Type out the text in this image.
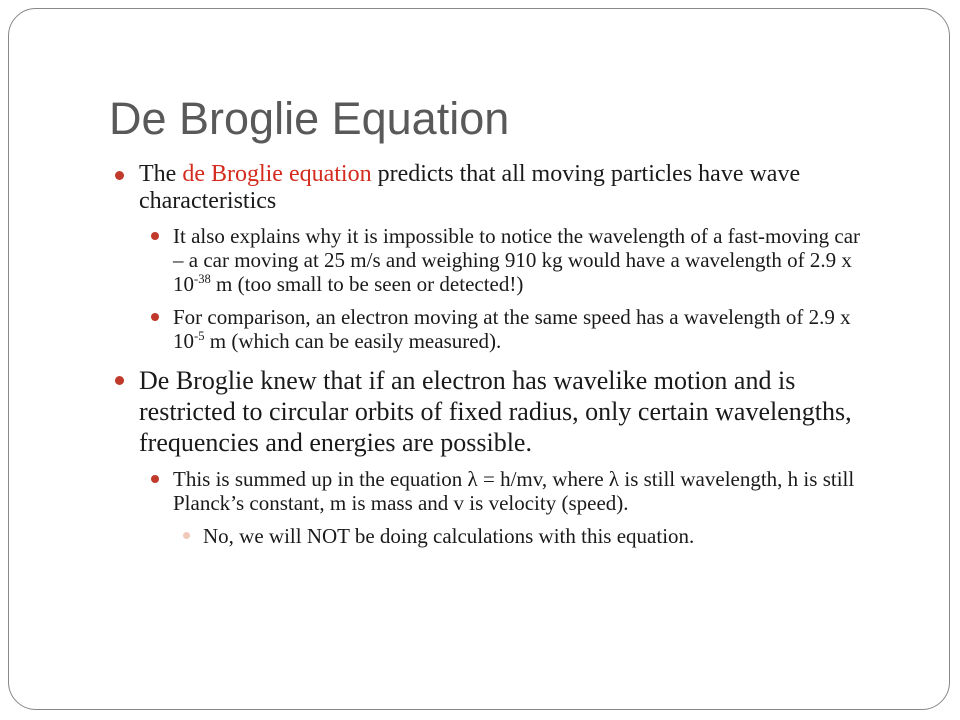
De Broglie Equation
The de Broglie equation predicts that all moving particles have wave characteristics
It also explains why it is impossible to notice the wavelength of a fast-moving car – a car moving at 25 m/s and weighing 910 kg would have a wavelength of 2.9 x $10^{-38}$ m (too small to be seen or detected!)
For comparison, an electron moving at the same speed has a wavelength of 2.9 x $10^{-5}$ m (which can be easily measured).
De Broglie knew that if an electron has wavelike motion and is restricted to circular orbits of fixed radius, only certain wavelengths, frequencies and energies are possible.
This is summed up in the equation λ = h/mv, where λ is still wavelength, h is still Planck’s constant, m is mass and v is velocity (speed).
No, we will NOT be doing calculations with this equation.
